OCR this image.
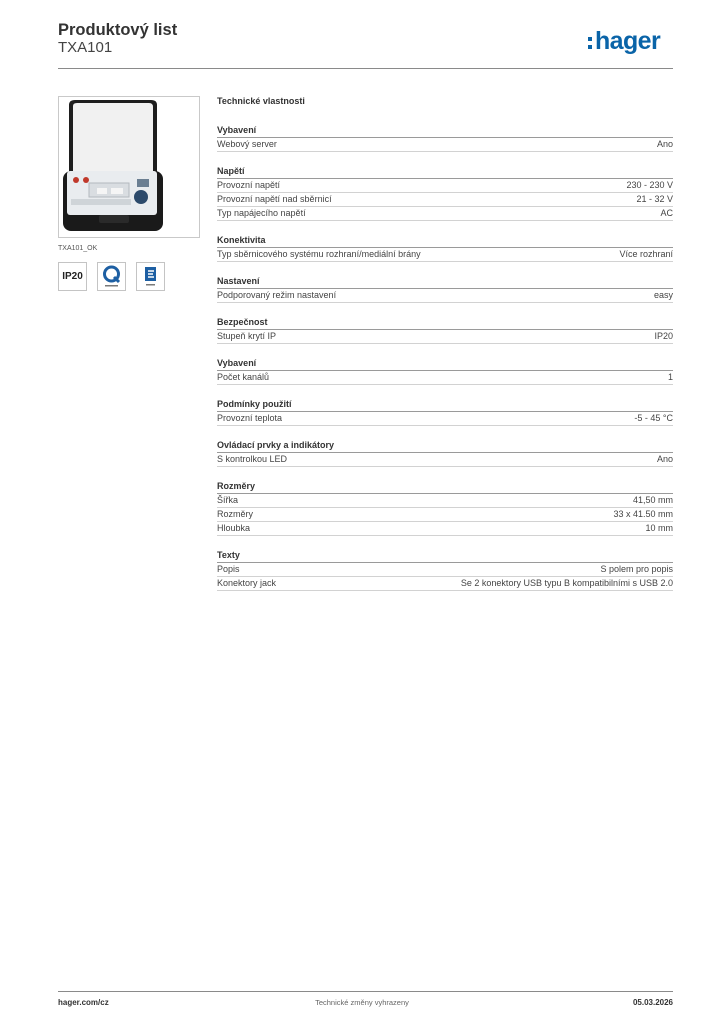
Produktový list
TXA101	hager
TXA101_OK
IP20
Technické vlastnosti
Vybavení
Webový server	Ano
Napětí
Provozní napětí	230 - 230 V
Provozní napětí nad sběrnicí	21 - 32 V
Typ napájecího napětí	AC
Konektivita
Typ sběrnicového systému rozhraní/mediální brány	Více rozhraní
Nastavení
Podporovaný režim nastavení	easy
Bezpečnost
Stupeň krytí IP	IP20
Vybavení
Počet kanálů	1
Podmínky použití
Provozní teplota	-5 - 45 °C
Ovládací prvky a indikátory
S kontrolkou LED	Ano
Rozměry
Šířka	41,50 mm
Rozměry	33 x 41.50 mm
Hloubka	10 mm
Texty
Popis	S polem pro popis
Konektory jack	Se 2 konektory USB typu B kompatibilními s USB 2.0
hager.com/cz	Technické změny vyhrazeny	05.03.2026
